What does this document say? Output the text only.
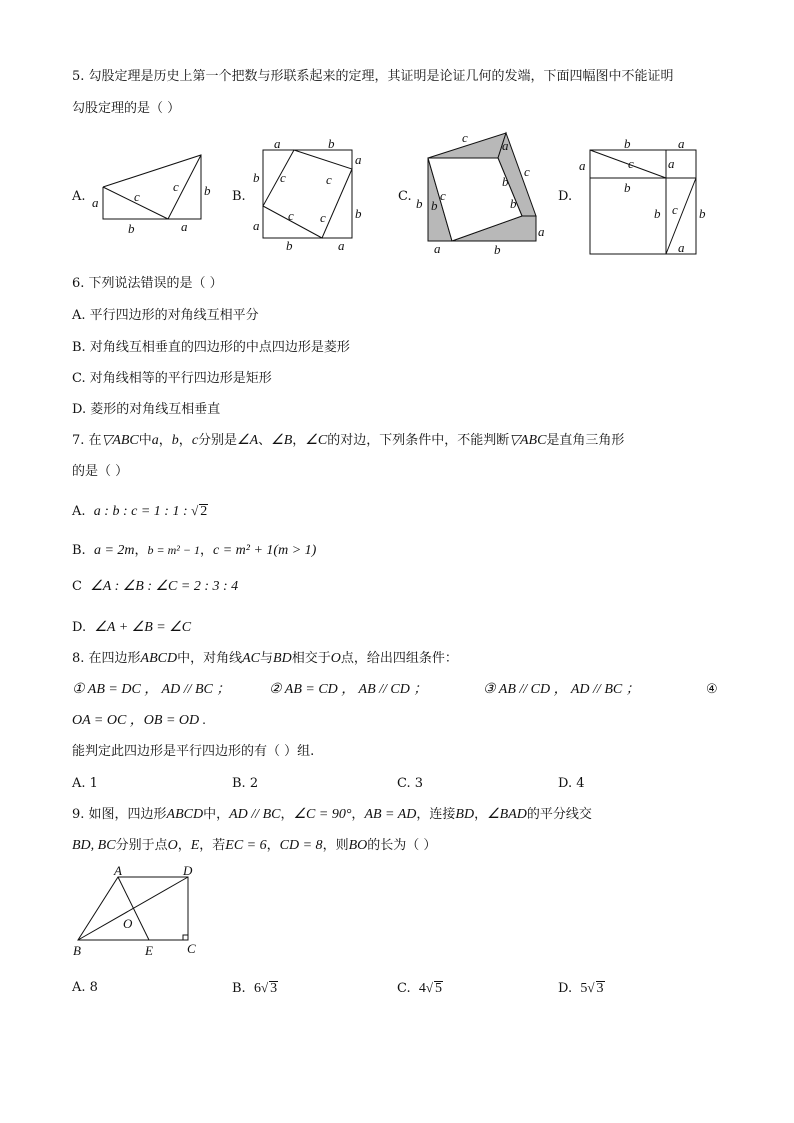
5. 勾股定理是历史上第一个把数与形联系起来的定理，其证明是论证几何的发端，下面四幅图中不能证明
勾股定理的是（ ）
A.	B.	C.	D.
a	c
c b
b	a
a	b
a
b
b
a
b	a
c	c
c c
c
a
c
b
b
a
c
b b
a	b
b	a
c
a	a
b
c
b	b
a
6. 下列说法错误的是（ ）
A. 平行四边形的对角线互相平分
B. 对角线互相垂直的四边形的中点四边形是菱形
C. 对角线相等的平行四边形是矩形
D. 菱形的对角线互相垂直
7. 在▽ABC中a，b，c分别是∠A、∠B，∠C的对边，下列条件中，不能判断▽ABC是直角三角形
的是（ ）
A. a : b : c = 1 : 1 : √ 2
B. a = 2m，b = m² − 1，c = m² + 1(m > 1)
C ∠A : ∠B : ∠C = 2 : 3 : 4
D. ∠A + ∠B = ∠C
8. 在四边形ABCD中，对角线AC与BD相交于O点，给出四组条件：
① AB = DC ， AD // BC ；	② AB = CD ， AB // CD ；	③ AB // CD ， AD // BC ；	④
OA = OC ，OB = OD .
能判定此四边形是平行四边形的有（ ）组.
A. 1	B. 2	C. 3	D. 4
9. 如图，四边形ABCD中，AD // BC，∠C = 90°，AB = AD，连接BD，∠BAD的平分线交
BD, BC分别于点O，E，若EC = 6，CD = 8，则BO的长为（ ）
A	D
O
B	E	C
A. 8	B. 6√ 3	C. 4√ 5	D. 5√ 3
